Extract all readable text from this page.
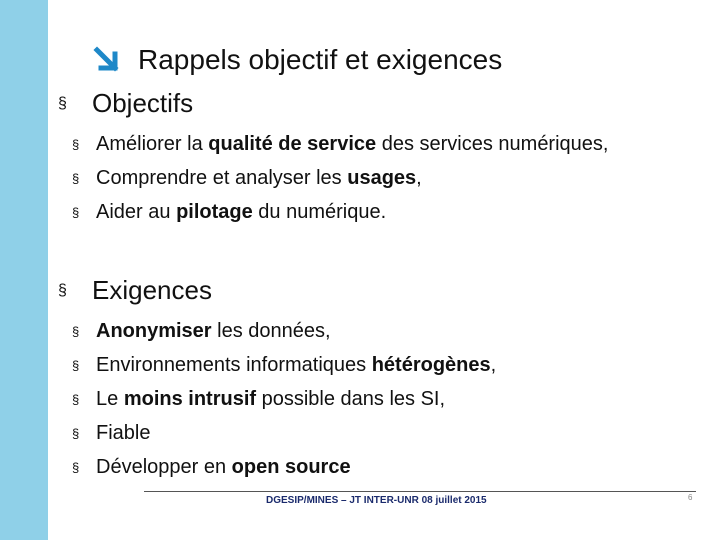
Rappels objectif et exigences
§ Objectifs
§ Améliorer la qualité de service des services numériques,
§ Comprendre et analyser les usages,
§ Aider au pilotage du numérique.
§ Exigences
§ Anonymiser les données,
§ Environnements informatiques hétérogènes,
§ Le moins intrusif possible dans les SI,
§ Fiable
§ Développer en open source
DGESIP/MINES – JT INTER-UNR 08 juillet 2015	6
